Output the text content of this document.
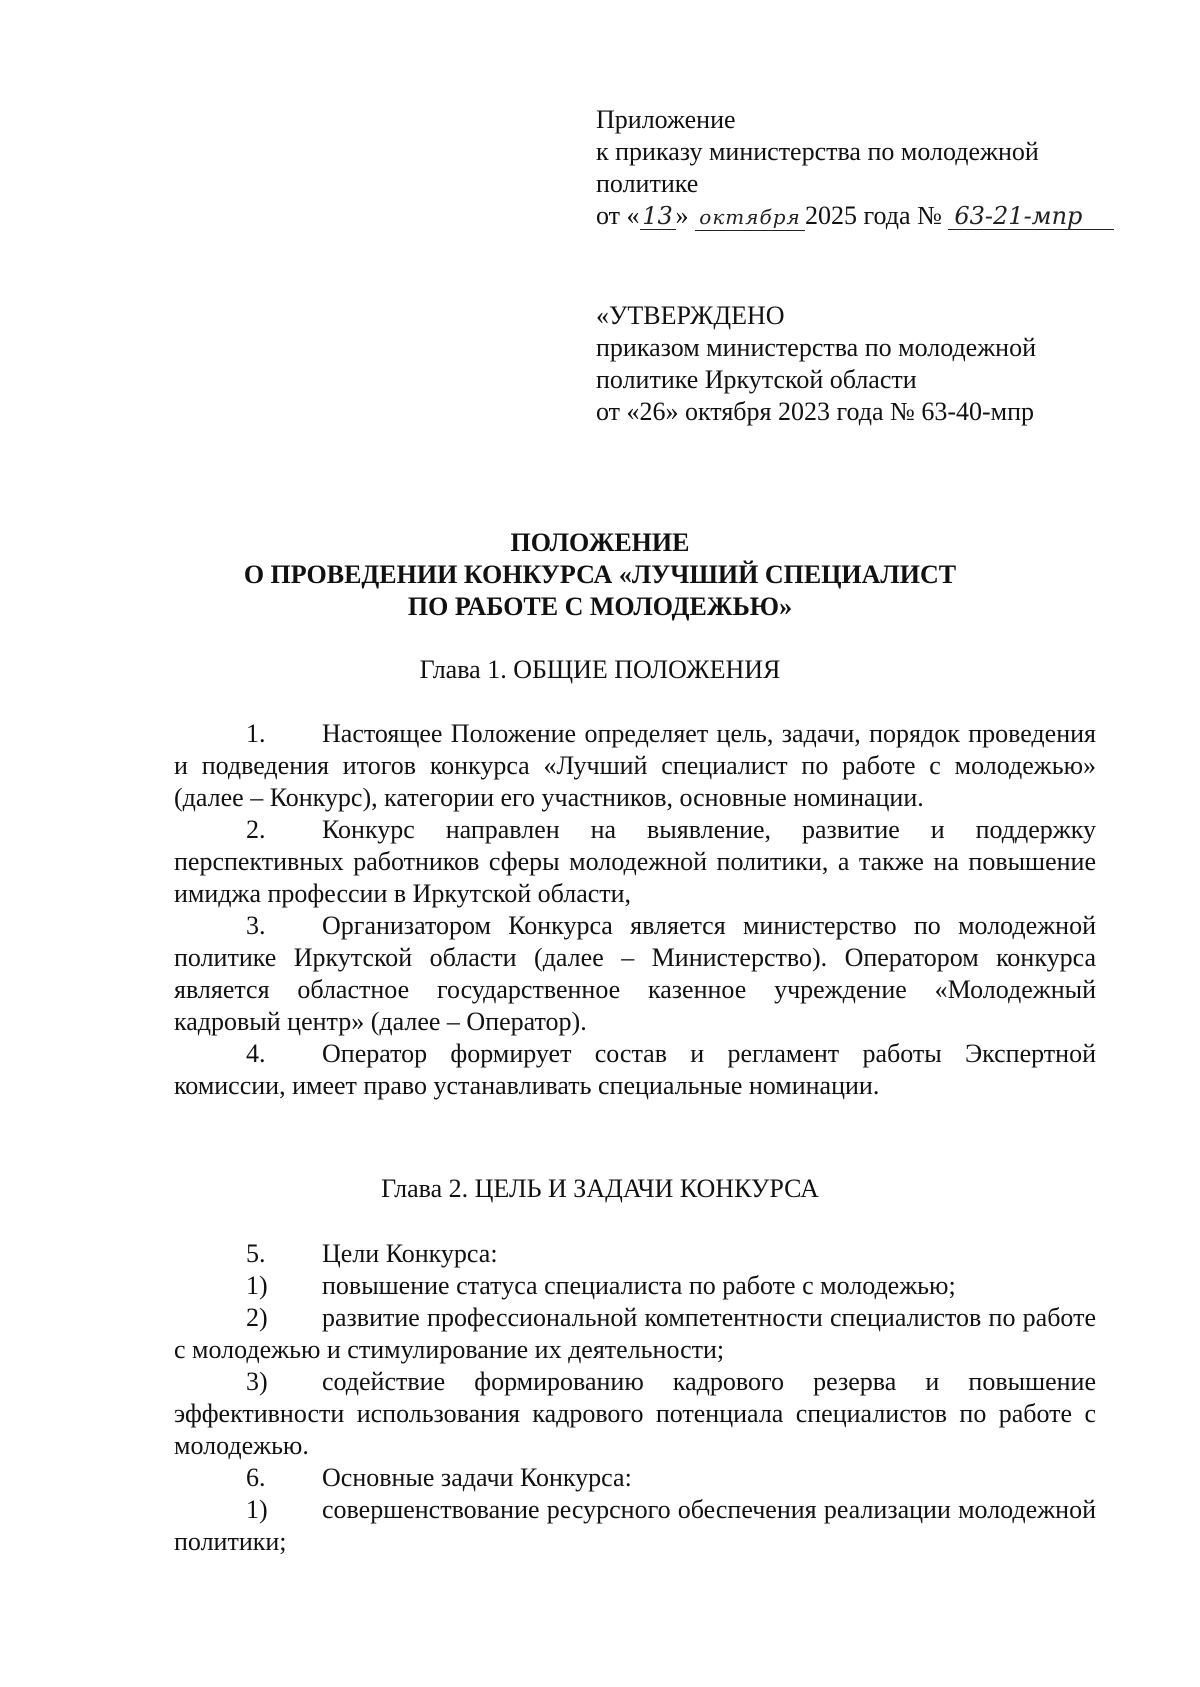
Приложение
к приказу министерства по молодежной
политике
от « 13 » октября 2025 года № 63-21-мпр
«УТВЕРЖДЕНО
приказом министерства по молодежной
политике Иркутской области
от «26» октября 2023 года № 63-40-мпр
ПОЛОЖЕНИЕ
О ПРОВЕДЕНИИ КОНКУРСА «ЛУЧШИЙ СПЕЦИАЛИСТ
ПО РАБОТЕ С МОЛОДЕЖЬЮ»
Глава 1. ОБЩИЕ ПОЛОЖЕНИЯ

1. Настоящее Положение определяет цель, задачи, порядок проведения и подведения итогов конкурса «Лучший специалист по работе с молодежью» (далее – Конкурс), категории его участников, основные номинации.

2. Конкурс направлен на выявление, развитие и поддержку перспективных работников сферы молодежной политики, а также на повышение имиджа профессии в Иркутской области,

3. Организатором Конкурса является министерство по молодежной политике Иркутской области (далее – Министерство). Оператором конкурса является областное государственное казенное учреждение «Молодежный кадровый центр» (далее – Оператор).

4. Оператор формирует состав и регламент работы Экспертной комиссии, имеет право устанавливать специальные номинации.

Глава 2. ЦЕЛЬ И ЗАДАЧИ КОНКУРСА

5. Цели Конкурса:

1) повышение статуса специалиста по работе с молодежью;

2) развитие профессиональной компетентности специалистов по работе с молодежью и стимулирование их деятельности;

3) содействие формированию кадрового резерва и повышение эффективности использования кадрового потенциала специалистов по работе с молодежью.

6. Основные задачи Конкурса:

1) совершенствование ресурсного обеспечения реализации молодежной политики;
